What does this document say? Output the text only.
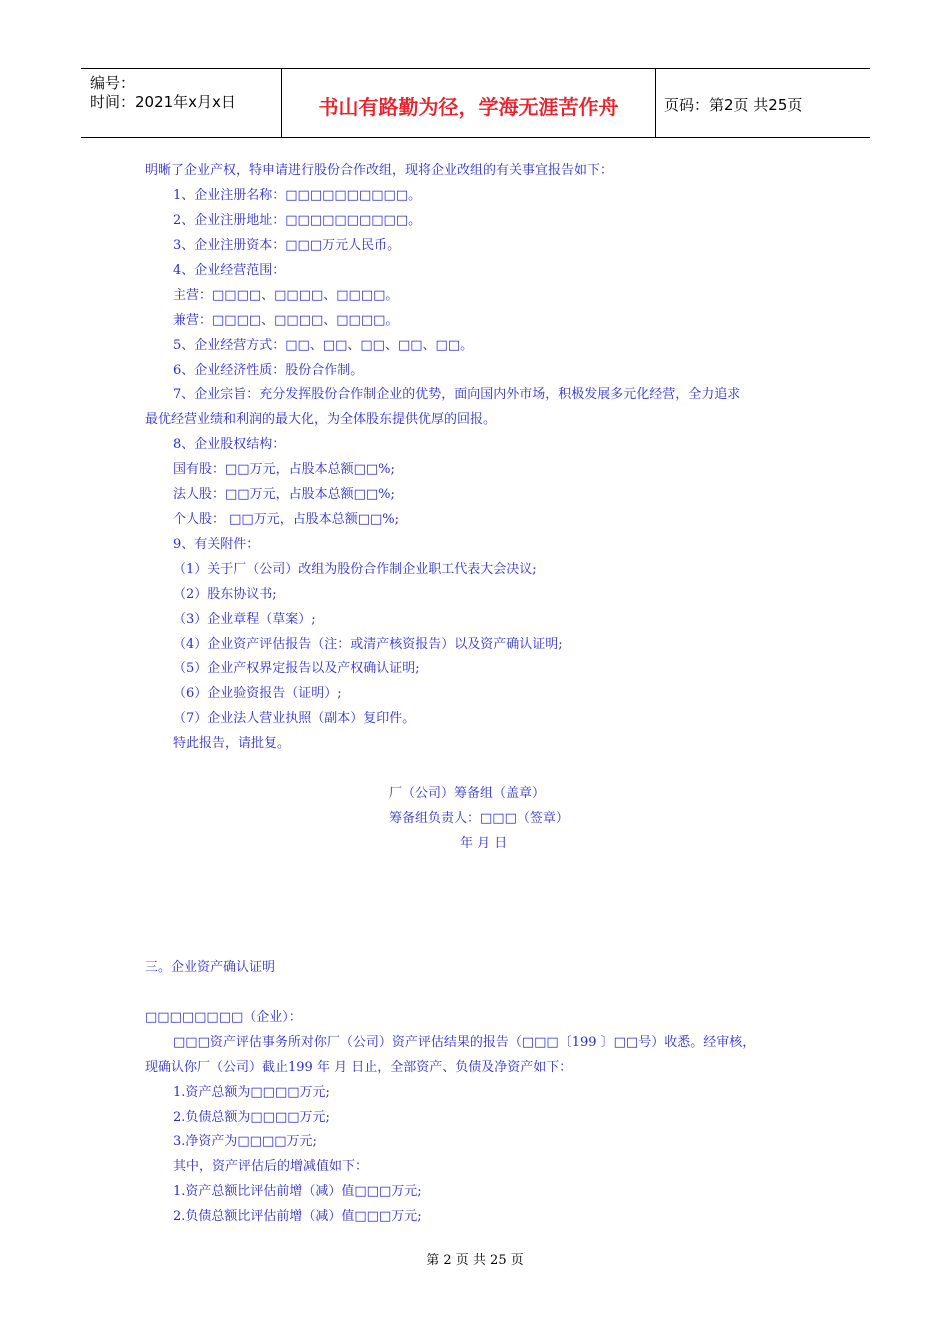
编号：
时间：2021年x月x日	书山有路勤为径，学海无涯苦作舟	页码：第2页 共25页
明晰了企业产权，特申请进行股份合作改组，现将企业改组的有关事宜报告如下：
1、企业注册名称：□□□□□□□□□□。
2、企业注册地址：□□□□□□□□□□。
3、企业注册资本：□□□万元人民币。
4、企业经营范围：
主营：□□□□、□□□□、□□□□。
兼营：□□□□、□□□□、□□□□。
5、企业经营方式：□□、□□、□□、□□、□□。
6、企业经济性质：股份合作制。
7、企业宗旨：充分发挥股份合作制企业的优势，面向国内外市场，积极发展多元化经营，全力追求
最优经营业绩和利润的最大化，为全体股东提供优厚的回报。
8、企业股权结构：
国有股：□□万元，占股本总额□□%;
法人股：□□万元，占股本总额□□%;
个人股： □□万元，占股本总额□□%;
9、有关附件：
（1）关于厂（公司）改组为股份合作制企业职工代表大会决议;
（2）股东协议书;
（3）企业章程（草案）;
（4）企业资产评估报告（注：或清产核资报告）以及资产确认证明;
（5）企业产权界定报告以及产权确认证明;
（6）企业验资报告（证明）;
（7）企业法人营业执照（副本）复印件。
特此报告，请批复。
厂（公司）筹备组（盖章）
筹备组负责人：□□□（签章）
年 月 日
三。企业资产确认证明
□□□□□□□□（企业）：
□□□资产评估事务所对你厂（公司）资产评估结果的报告（□□□〔199 〕□□号）收悉。经审核，
现确认你厂（公司）截止199 年 月 日止，全部资产、负债及净资产如下：
1.资产总额为□□□□万元;
2.负债总额为□□□□万元;
3.净资产为□□□□万元;
其中，资产评估后的增减值如下：
1.资产总额比评估前增（减）值□□□万元;
2.负债总额比评估前增（减）值□□□万元;
第 2 页 共 25 页
